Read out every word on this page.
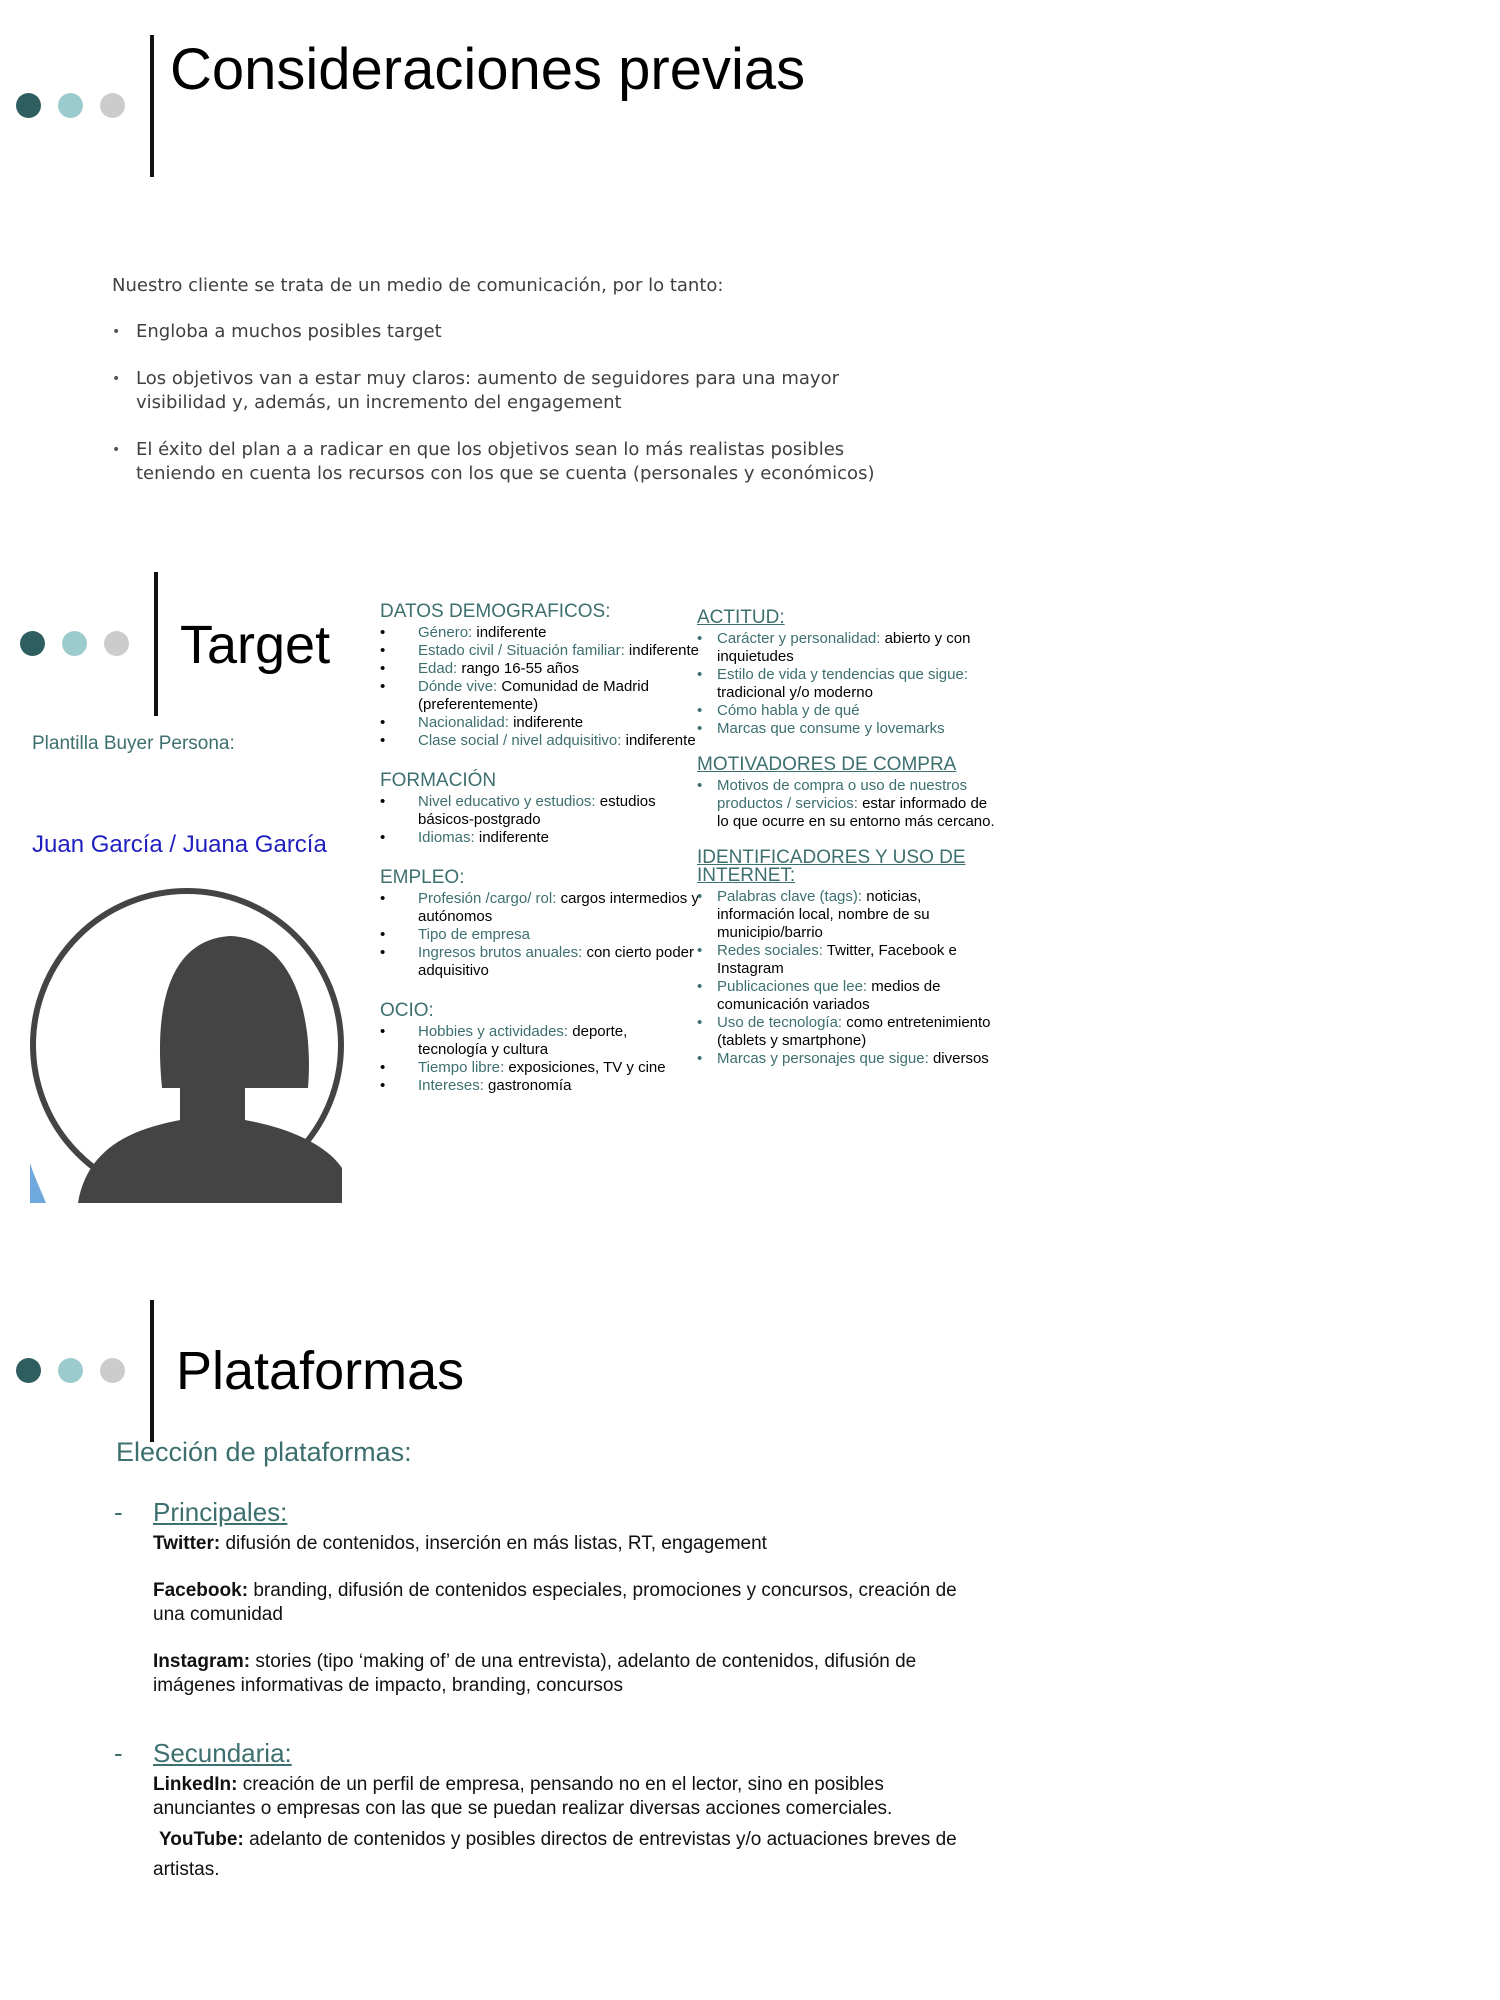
Consideraciones previas

Nuestro cliente se trata de un medio de comunicación, por lo tanto:

• Engloba a muchos posibles target
• Los objetivos van a estar muy claros: aumento de seguidores para una mayor visibilidad y, además, un incremento del engagement
• El éxito del plan a a radicar en que los objetivos sean lo más realistas posibles teniendo en cuenta los recursos con los que se cuenta (personales y económicos)
Target
Plantilla Buyer Persona:
Juan García / Juana García
DATOS DEMOGRAFICOS:
• Género: indiferente
• Estado civil / Situación familiar: indiferente
• Edad: rango 16-55 años
• Dónde vive: Comunidad de Madrid (preferentemente)
• Nacionalidad: indiferente
• Clase social / nivel adquisitivo: indiferente
FORMACIÓN
• Nivel educativo y estudios: estudios básicos-postgrado
• Idiomas: indiferente
EMPLEO:
• Profesión /cargo/ rol: cargos intermedios y autónomos
• Tipo de empresa
• Ingresos brutos anuales: con cierto poder adquisitivo
OCIO:
• Hobbies y actividades: deporte, tecnología y cultura
• Tiempo libre: exposiciones, TV y cine
• Intereses: gastronomía
ACTITUD:
• Carácter y personalidad: abierto y con inquietudes
• Estilo de vida y tendencias que sigue: tradicional y/o moderno
• Cómo habla y de qué
• Marcas que consume y lovemarks
MOTIVADORES DE COMPRA
• Motivos de compra o uso de nuestros productos / servicios: estar informado de lo que ocurre en su entorno más cercano.
IDENTIFICADORES Y USO DE INTERNET:
• Palabras clave (tags): noticias, información local, nombre de su municipio/barrio
• Redes sociales: Twitter, Facebook e Instagram
• Publicaciones que lee: medios de comunicación variados
• Uso de tecnología: como entretenimiento (tablets y smartphone)
• Marcas y personajes que sigue: diversos
Plataformas
Elección de plataformas:
- Principales:
Twitter: difusión de contenidos, inserción en más listas, RT, engagement
Facebook: branding, difusión de contenidos especiales, promociones y concursos, creación de una comunidad
Instagram: stories (tipo ‘making of’ de una entrevista), adelanto de contenidos, difusión de imágenes informativas de impacto, branding, concursos
- Secundaria:
LinkedIn: creación de un perfil de empresa, pensando no en el lector, sino en posibles anunciantes o empresas con las que se puedan realizar diversas acciones comerciales.
YouTube: adelanto de contenidos y posibles directos de entrevistas y/o actuaciones breves de artistas.
